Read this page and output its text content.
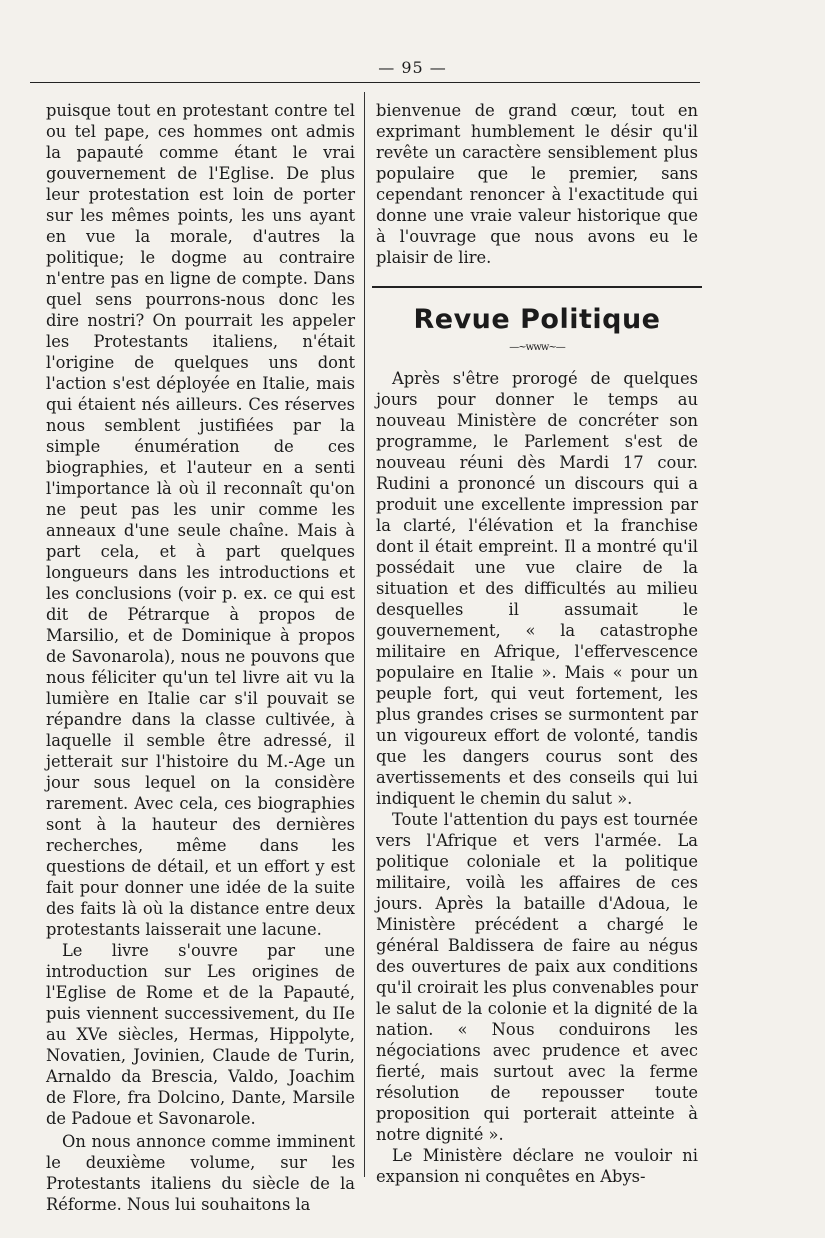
— 95 —

puisque tout en protestant contre tel ou tel pape, ces hommes ont admis la papauté comme étant le vrai gouvernement de l'Eglise. De plus leur protestation est loin de porter sur les mêmes points, les uns ayant en vue la morale, d'autres la politique; le dogme au contraire n'entre pas en ligne de compte. Dans quel sens pourrons-nous donc les dire nostri? On pourrait les appeler les Protestants italiens, n'était l'origine de quelques uns dont l'action s'est déployée en Italie, mais qui étaient nés ailleurs. Ces réserves nous semblent justifiées par la simple énumération de ces biographies, et l'auteur en a senti l'importance là où il reconnaît qu'on ne peut pas les unir comme les anneaux d'une seule chaîne. Mais à part cela, et à part quelques longueurs dans les introductions et les conclusions (voir p. ex. ce qui est dit de Pétrarque à propos de Marsilio, et de Dominique à propos de Savonarola), nous ne pouvons que nous féliciter qu'un tel livre ait vu la lumière en Italie car s'il pouvait se répandre dans la classe cultivée, à laquelle il semble être adressé, il jetterait sur l'histoire du M.-Age un jour sous lequel on la considère rarement. Avec cela, ces biographies sont à la hauteur des dernières recherches, même dans les questions de détail, et un effort y est fait pour donner une idée de la suite des faits là où la distance entre deux protestants laisserait une lacune.

Le livre s'ouvre par une introduction sur Les origines de l'Eglise de Rome et de la Papauté, puis viennent successivement, du IIe au XVe siècles, Hermas, Hippolyte, Novatien, Jovinien, Claude de Turin, Arnaldo da Brescia, Valdo, Joachim de Flore, fra Dolcino, Dante, Marsile de Padoue et Savonarole.

On nous annonce comme imminent le deuxième volume, sur les Protestants italiens du siècle de la Réforme. Nous lui souhaitons la

bienvenue de grand cœur, tout en exprimant humblement le désir qu'il revête un caractère sensiblement plus populaire que le premier, sans cependant renoncer à l'exactitude qui donne une vraie valeur historique que à l'ouvrage que nous avons eu le plaisir de lire.

Revue Politique
—~www~—

Après s'être prorogé de quelques jours pour donner le temps au nouveau Ministère de concréter son programme, le Parlement s'est de nouveau réuni dès Mardi 17 cour. Rudini a prononcé un discours qui a produit une excellente impression par la clarté, l'élévation et la franchise dont il était empreint. Il a montré qu'il possédait une vue claire de la situation et des difficultés au milieu desquelles il assumait le gouvernement, « la catastrophe militaire en Afrique, l'effervescence populaire en Italie ». Mais « pour un peuple fort, qui veut fortement, les plus grandes crises se surmontent par un vigoureux effort de volonté, tandis que les dangers courus sont des avertissements et des conseils qui lui indiquent le chemin du salut ».

Toute l'attention du pays est tournée vers l'Afrique et vers l'armée. La politique coloniale et la politique militaire, voilà les affaires de ces jours. Après la bataille d'Adoua, le Ministère précédent a chargé le général Baldissera de faire au négus des ouvertures de paix aux conditions qu'il croirait les plus convenables pour le salut de la colonie et la dignité de la nation. « Nous conduirons les négociations avec prudence et avec fierté, mais surtout avec la ferme résolution de repousser toute proposition qui porterait atteinte à notre dignité ».

Le Ministère déclare ne vouloir ni expansion ni conquêtes en Abys-
